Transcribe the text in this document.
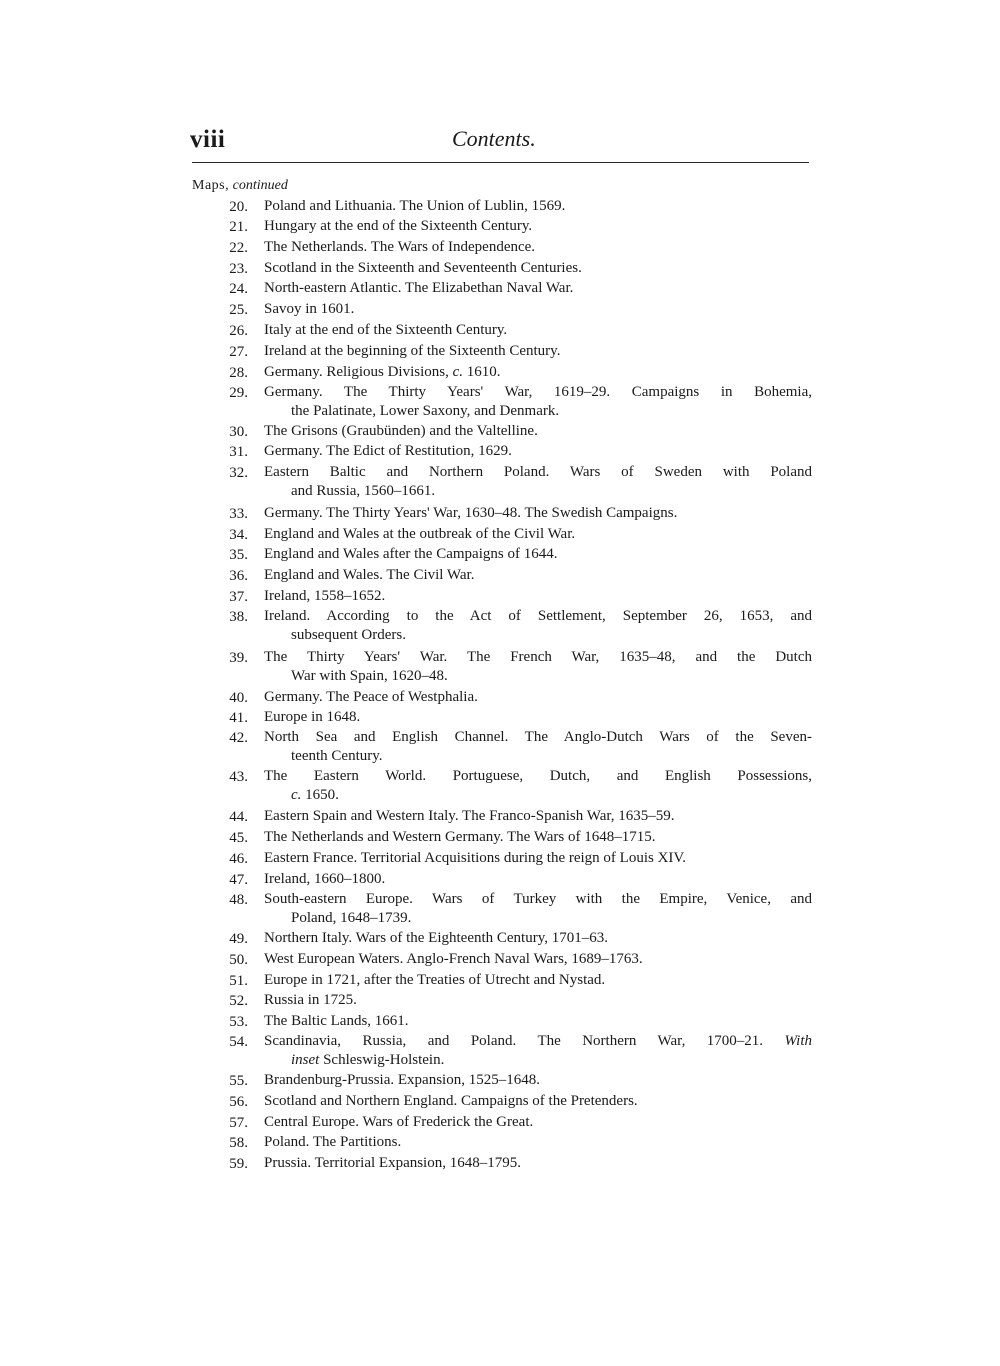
viii	Contents.
Maps, continued
20. Poland and Lithuania. The Union of Lublin, 1569.
21. Hungary at the end of the Sixteenth Century.
22. The Netherlands. The Wars of Independence.
23. Scotland in the Sixteenth and Seventeenth Centuries.
24. North-eastern Atlantic. The Elizabethan Naval War.
25. Savoy in 1601.
26. Italy at the end of the Sixteenth Century.
27. Ireland at the beginning of the Sixteenth Century.
28. Germany. Religious Divisions, c. 1610.
29. Germany. The Thirty Years' War, 1619–29. Campaigns in Bohemia,
the Palatinate, Lower Saxony, and Denmark.
30. The Grisons (Graubünden) and the Valtelline.
31. Germany. The Edict of Restitution, 1629.
32. Eastern Baltic and Northern Poland. Wars of Sweden with Poland
and Russia, 1560–1661.
33. Germany. The Thirty Years' War, 1630–48. The Swedish Campaigns.
34. England and Wales at the outbreak of the Civil War.
35. England and Wales after the Campaigns of 1644.
36. England and Wales. The Civil War.
37. Ireland, 1558–1652.
38. Ireland. According to the Act of Settlement, September 26, 1653, and
subsequent Orders.
39. The Thirty Years' War. The French War, 1635–48, and the Dutch
War with Spain, 1620–48.
40. Germany. The Peace of Westphalia.
41. Europe in 1648.
42. North Sea and English Channel. The Anglo-Dutch Wars of the Seven-
teenth Century.
43. The Eastern World. Portuguese, Dutch, and English Possessions,
c. 1650.
44. Eastern Spain and Western Italy. The Franco-Spanish War, 1635–59.
45. The Netherlands and Western Germany. The Wars of 1648–1715.
46. Eastern France. Territorial Acquisitions during the reign of Louis XIV.
47. Ireland, 1660–1800.
48. South-eastern Europe. Wars of Turkey with the Empire, Venice, and
Poland, 1648–1739.
49. Northern Italy. Wars of the Eighteenth Century, 1701–63.
50. West European Waters. Anglo-French Naval Wars, 1689–1763.
51. Europe in 1721, after the Treaties of Utrecht and Nystad.
52. Russia in 1725.
53. The Baltic Lands, 1661.
54. Scandinavia, Russia, and Poland. The Northern War, 1700–21. With
inset Schleswig-Holstein.
55. Brandenburg-Prussia. Expansion, 1525–1648.
56. Scotland and Northern England. Campaigns of the Pretenders.
57. Central Europe. Wars of Frederick the Great.
58. Poland. The Partitions.
59. Prussia. Territorial Expansion, 1648–1795.
